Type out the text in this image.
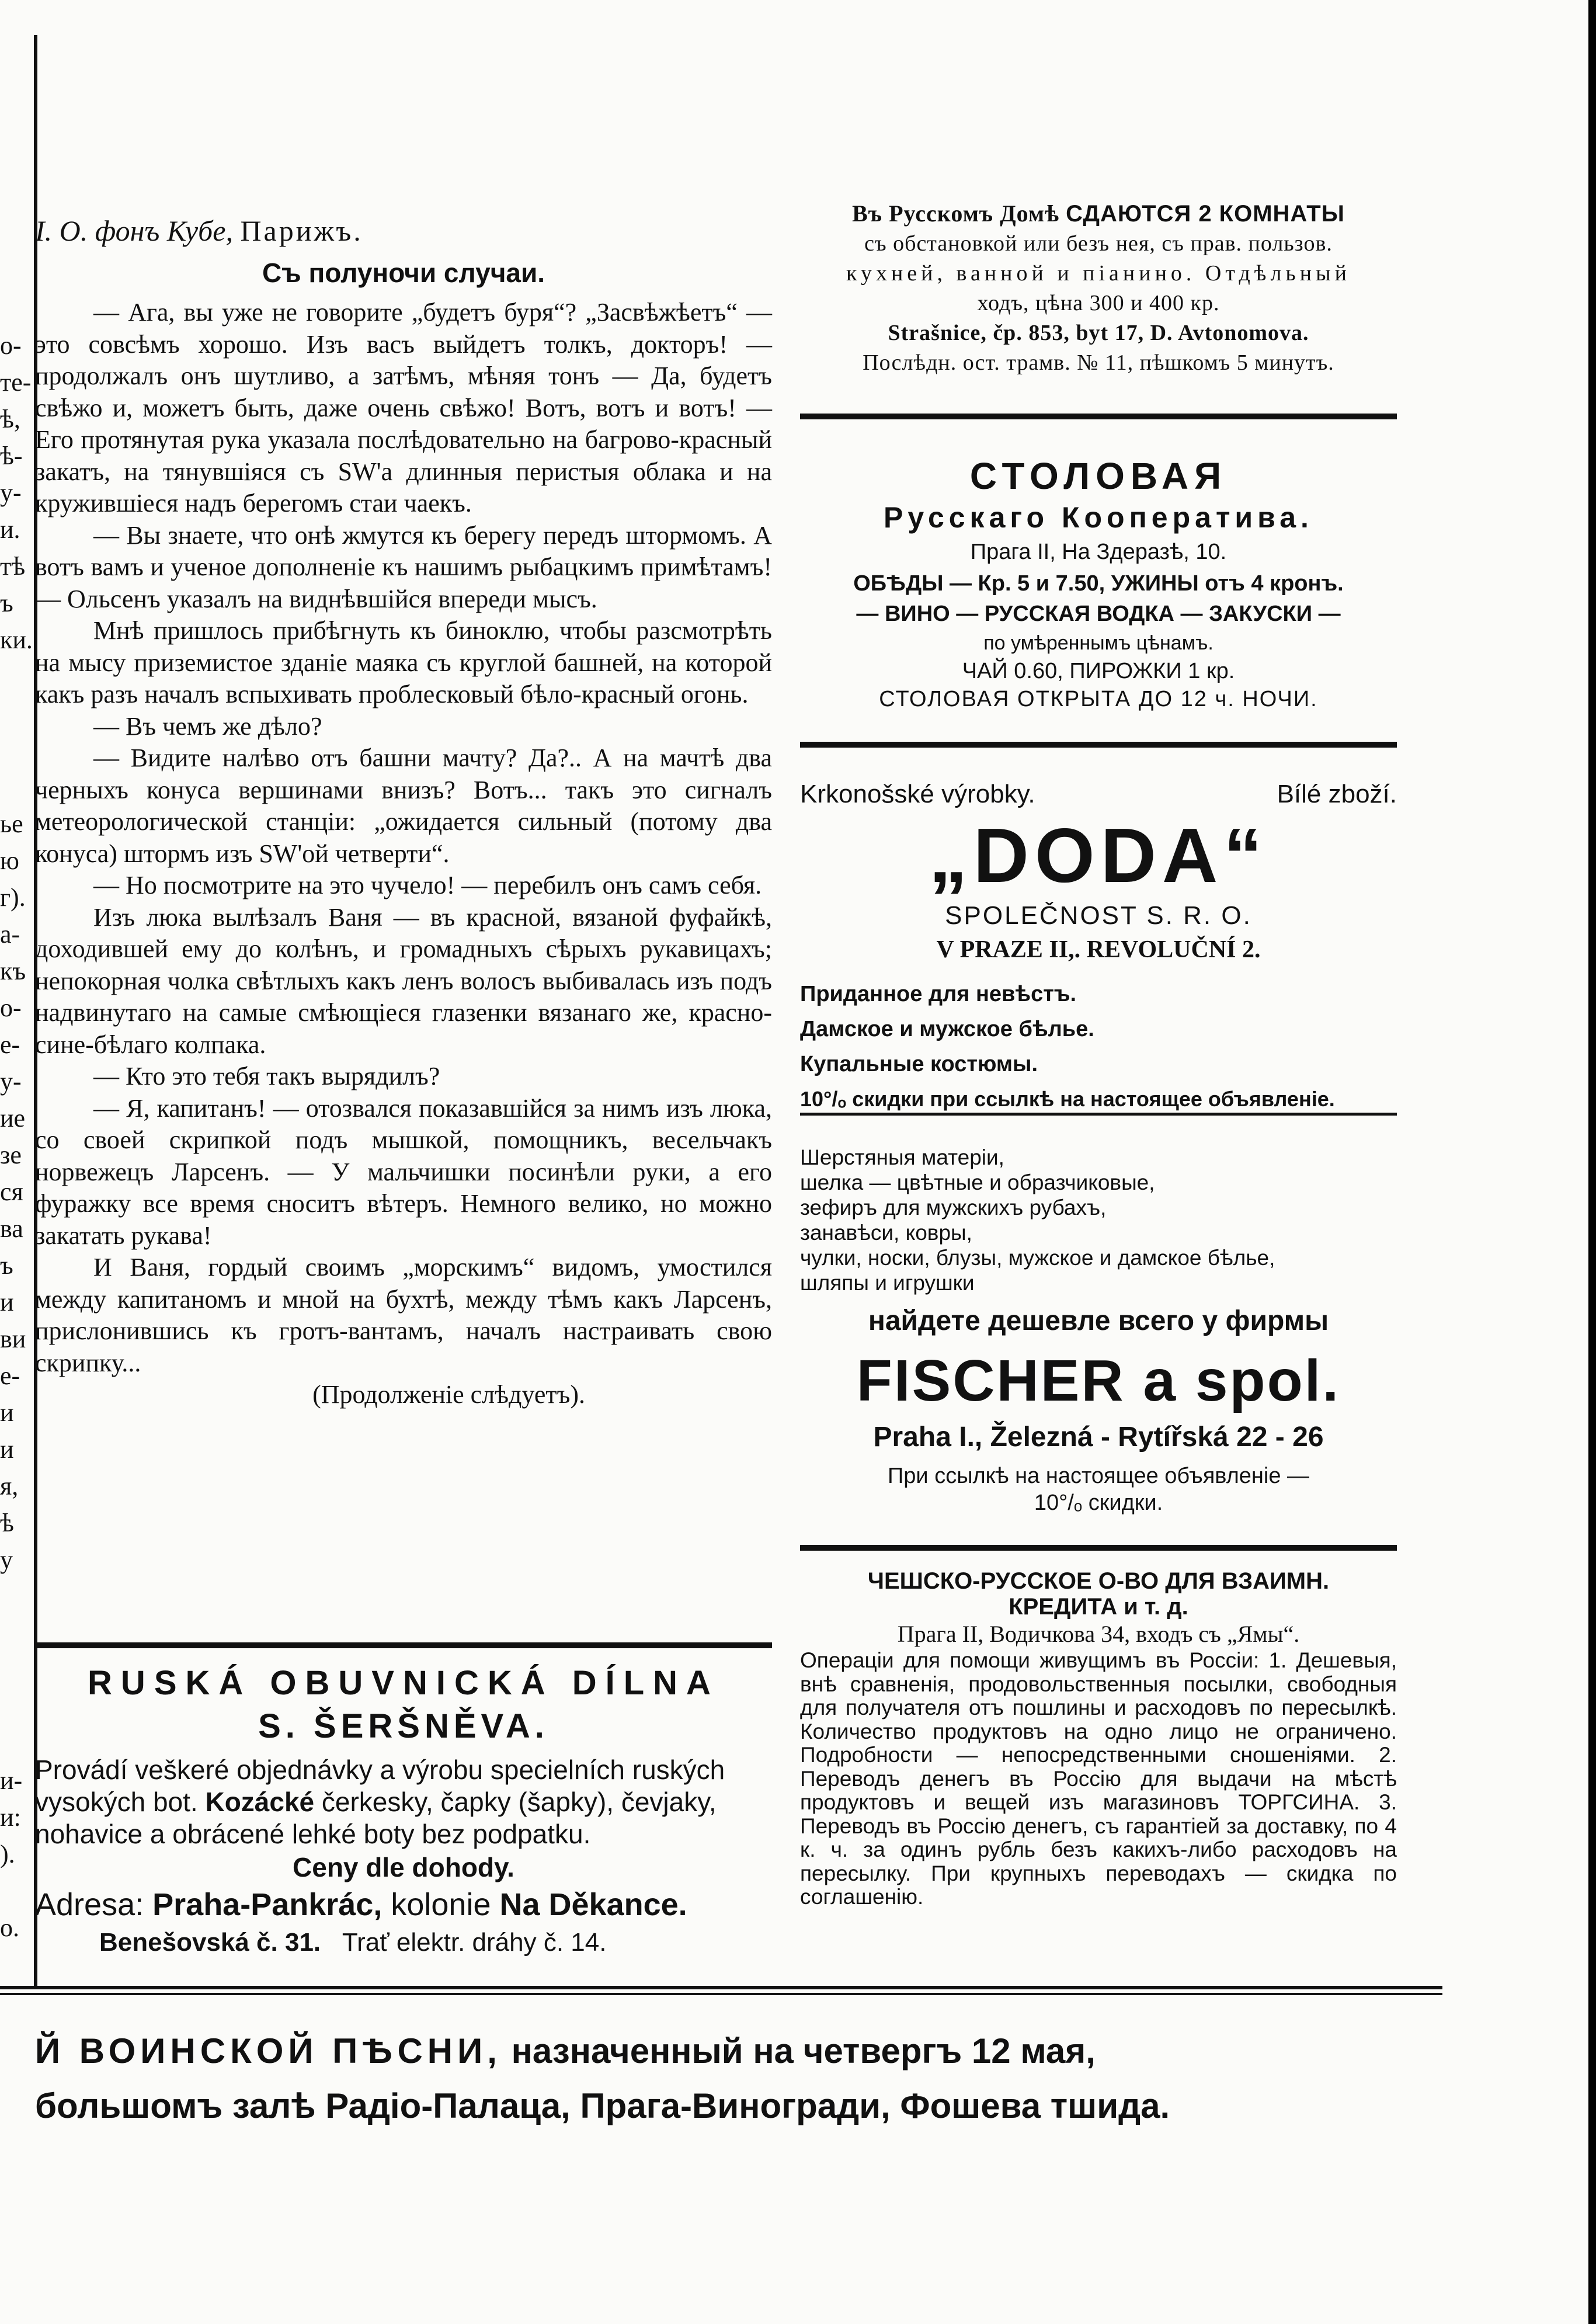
о-
те-
ѣ,
ѣ-
у-
и.
тѣ
ъ
ки.
ье
ю
г).
а-
къ
о-
е-
у-
ие
зе
ся
ва
ъ
и
ви
е-
и
и
я,
ѣ
у
и-
и:
).
о.
I. О. фонъ Кубе, Парижъ.
Съ полуночи случаи.

— Ага, вы уже не говорите „будетъ буря“? „Засвѣжѣетъ“ — это совсѣмъ хорошо. Изъ васъ выйдетъ толкъ, докторъ! — продолжалъ онъ шутливо, а затѣмъ, мѣняя тонъ — Да, будетъ свѣжо и, можетъ быть, даже очень свѣжо! Вотъ, вотъ и вотъ! — Его протянутая рука указала послѣдовательно на багрово-красный закатъ, на тянувшіяся съ SW'а длинныя перистыя облака и на кружившiеся надъ берегомъ стаи чаекъ.

— Вы знаете, что онѣ жмутся къ берегу передъ штормомъ. А вотъ вамъ и ученое дополненіе къ нашимъ рыбацкимъ примѣтамъ! — Ольсенъ указалъ на виднѣвшійся впереди мысъ.

Мнѣ пришлось прибѣгнуть къ биноклю, чтобы разсмотрѣть на мысу приземистое зданіе маяка съ круглой башней, на которой какъ разъ началъ вспыхивать проблесковый бѣло-красный огонь.

— Въ чемъ же дѣло?

— Видите налѣво отъ башни мачту? Да?.. А на мачтѣ два черныхъ конуса вершинами внизъ? Вотъ... такъ это сигналъ метеорологической станціи: „ожидается сильный (потому два конуса) штормъ изъ SW'ой четверти“.

— Но посмотрите на это чучело! — перебилъ онъ самъ себя.

Изъ люка вылѣзалъ Ваня — въ красной, вязаной фуфайкѣ, доходившей ему до колѣнъ, и громадныхъ сѣрыхъ рукавицахъ; непокорная чолка свѣтлыхъ какъ ленъ волосъ выбивалась изъ подъ надвинутаго на самые смѣющіеся глазенки вязанаго же, красно-сине-бѣлаго колпака.

— Кто это тебя такъ вырядилъ?

— Я, капитанъ! — отозвался показавшійся за нимъ изъ люка, со своей скрипкой подъ мышкой, помощникъ, весельчакъ норвежецъ Ларсенъ. — У мальчишки посинѣли руки, а его фуражку все время сноситъ вѣтеръ. Немного велико, но можно закатать рукава!

И Ваня, гордый своимъ „морскимъ“ видомъ, умостился между капитаномъ и мной на бухтѣ, между тѣмъ какъ Ларсенъ, прислонившись къ гротъ-вантамъ, началъ настраивать свою скрипку...

(Продолженіе слѣдуетъ).

RUSKÁ OBUVNICKÁ DÍLNA
S. ŠERŠNĚVA.
Provádí veškeré objednávky a výrobu specielních ruských vysokých bot. Kozácké čerkesky, čapky (šapky), čevjaky, nohavice a obrácené lehké boty bez podpatku.
Ceny dle dohody.
Adresa: Praha-Pankrác, kolonie Na Děkance.
Benešovská č. 31. Trať elektr. dráhy č. 14.
Въ Русскомъ Домѣ СДАЮТСЯ 2 КОМНАТЫ
съ обстановкой или безъ нея, съ прав. пользов.
кухней, ванной и піанино. Отдѣльный
ходъ, цѣна 300 и 400 кр.
Strašnice, čp. 853, byt 17, D. Avtonomova.
Послѣдн. ост. трамв. № 11, пѣшкомъ 5 минутъ.
СТОЛОВАЯ
Русскаго Кооператива.
Прага II, На Здеразѣ, 10.
ОБѢДЫ — Кр. 5 и 7.50, УЖИНЫ отъ 4 кронъ.
— ВИНО — РУССКАЯ ВОДКА — ЗАКУСКИ —
по умѣреннымъ цѣнамъ.
ЧАЙ 0.60, ПИРОЖКИ 1 кр.
СТОЛОВАЯ ОТКРЫТА ДО 12 ч. НОЧИ.
Krkonošské výrobky.	Bílé zboží.
„DODA“
SPOLEČNOST S. R. O.
V PRAZE II,. REVOLUČNÍ 2.
Приданное для невѣстъ.
Дамское и мужское бѣлье.
Купальные костюмы.
10°/ₒ скидки при ссылкѣ на настоящее объявленіе.
Шерстяныя матеріи,
шелка — цвѣтные и образчиковые,
зефиръ для мужскихъ рубахъ,
занавѣси, ковры,
чулки, носки, блузы, мужское и дамское бѣлье,
шляпы и игрушки
найдете дешевле всего у фирмы
FISCHER a spol.
Praha I., Železná - Rytířská 22 - 26
При ссылкѣ на настоящее объявленіе —
10°/ₒ скидки.
ЧЕШСКО-РУССКОЕ О-ВО ДЛЯ ВЗАИМН.
КРЕДИТА и т. д.
Прага II, Водичкова 34, входъ съ „Ямы“.
Операціи для помощи живущимъ въ Россіи: 1. Дешевыя, внѣ сравненія, продовольственныя посылки, свободныя для получателя отъ пошлины и расходовъ по пересылкѣ. Количество продуктовъ на одно лицо не ограничено. Подробности — непосредственными сношеніями. 2. Переводъ денегъ въ Россію для выдачи на мѣстѣ продуктовъ и вещей изъ магазиновъ ТОРГСИНА. 3. Переводъ въ Россію денегъ, съ гарантіей за доставку, по 4 к. ч. за одинъ рубль безъ какихъ-либо расходовъ на пересылку. При крупныхъ переводахъ — скидка по соглашенію.
Й ВОИНСКОЙ ПѢСНИ, назначенный на четвергъ 12 мая,
большомъ залѣ Радіо-Палаца, Прага-Виногради, Фошева тшида.
